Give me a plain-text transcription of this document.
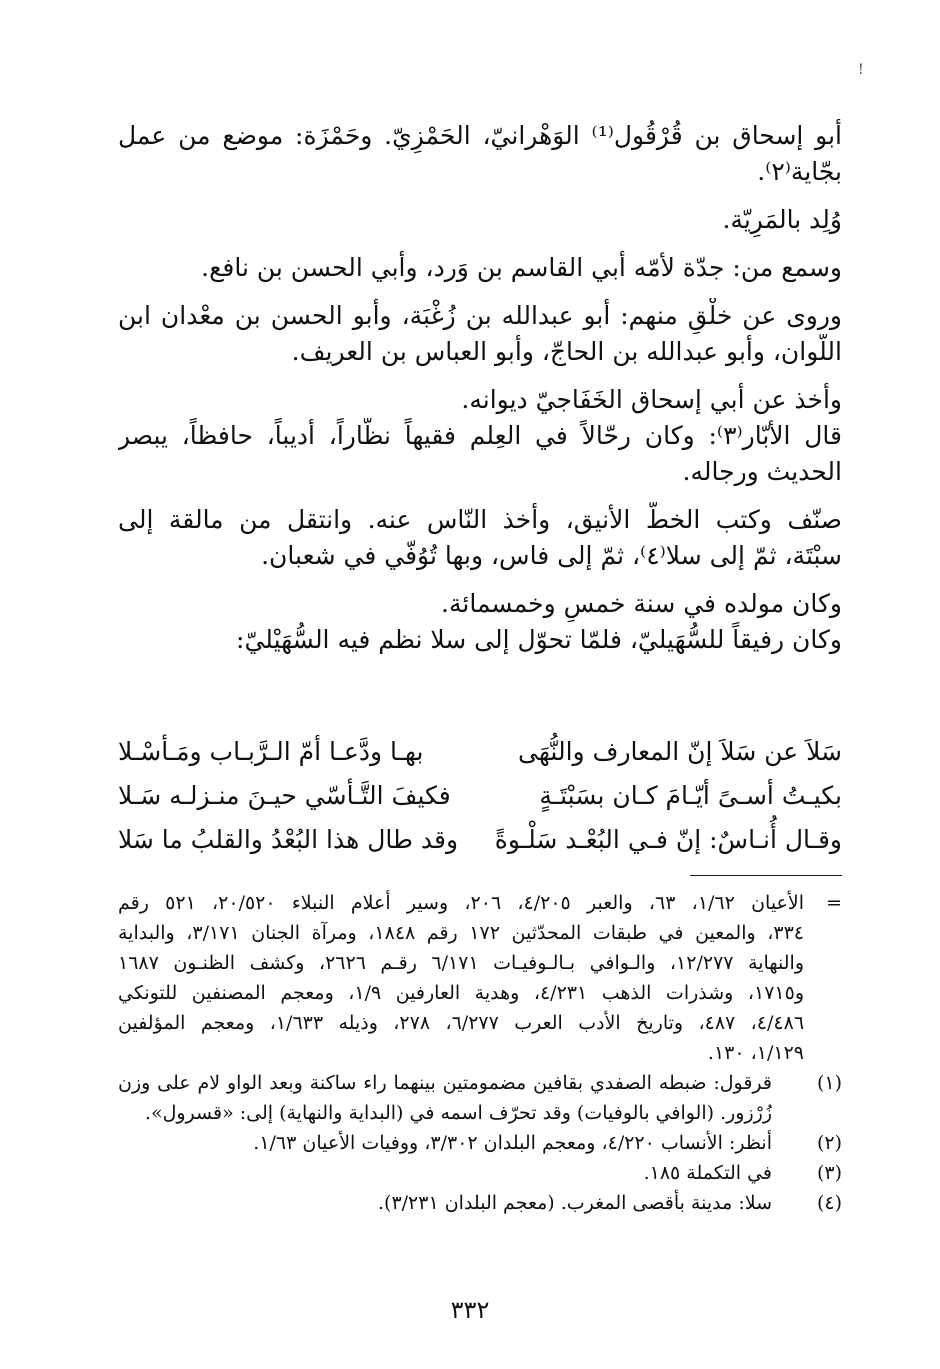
!

أبو إسحاق بن قُرْقُول⁽¹⁾ الوَهْرانيّ، الحَمْزِيّ. وحَمْزَة: موضع من عمل

بجّاية⁽٢⁾.

وُلِد بالمَرِيّة.

وسمع من: جدّة لأمّه أبي القاسم بن وَرد، وأبي الحسن بن نافع.

وروى عن خلْقٍ منهم: أبو عبدالله بن زُغْبَة، وأبو الحسن بن معْدان ابن

اللّوان، وأبو عبدالله بن الحاجّ، وأبو العباس بن العريف.

وأخذ عن أبي إسحاق الخَفَاجيّ ديوانه.

قال الأبّار⁽٣⁾: وكان رحّالاً في العِلم فقيهاً نظّاراً، أديباً، حافظاً، يبصر

الحديث ورجاله.

صنّف وكتب الخطّ الأنيق، وأخذ النّاس عنه. وانتقل من مالقة إلى

سبْتَة، ثمّ إلى سلا⁽٤⁾، ثمّ إلى فاس، وبها تُوُفّي في شعبان.

وكان مولده في سنة خمسٍ وخمسمائة.

وكان رفيقاً للسُّهَيليّ، فلمّا تحوّل إلى سلا نظم فيه السُّهَيْليّ:

سَلاَ عن سَلاَ إنّ المعارف والنُّهَى
بهـا ودَّعـا أمّ الـرَّبـاب ومَـأسْـلا
بكيـتُ أسـىً أيّـامَ كـان بسَبْتَـةٍ
فكيفَ التَّـأسّي حيـنَ منـزلـه سَـلا
وقـال أُنـاسٌ: إنّ فـي البُعْـد سَلْـوةً
وقد طال هذا البُعْدُ والقلبُ ما سَلا
=
الأعيان ١/٦٢، ٦٣، والعبر ٤/٢٠٥، ٢٠٦، وسير أعلام النبلاء ٢٠/٥٢٠، ٥٢١ رقم
٣٣٤، والمعين في طبقات المحدّثين ١٧٢ رقم ١٨٤٨، ومرآة الجنان ٣/١٧١، والبداية
والنهاية ١٢/٢٧٧، والـوافي بـالـوفيـات ٦/١٧١ رقـم ٢٦٢٦، وكشف الظنـون ١٦٨٧
و١٧١٥، وشذرات الذهب ٤/٢٣١، وهدية العارفين ١/٩، ومعجم المصنفين للتونكي
٤/٤٨٦، ٤٨٧، وتاريخ الأدب العرب ٦/٢٧٧، ٢٧٨، وذيله ١/٦٣٣، ومعجم المؤلفين
١/١٢٩، ١٣٠.
(١)
قرقول: ضبطه الصفدي بقافين مضمومتين بينهما راء ساكنة وبعد الواو لام على وزن
زُرْزور. (الوافي بالوفيات) وقد تحرّف اسمه في (البداية والنهاية) إلى: «قسرول».
(٢)
أنظر: الأنساب ٤/٢٢٠، ومعجم البلدان ٣/٣٠٢، ووفيات الأعيان ١/٦٣.
(٣)
في التكملة ١٨٥.
(٤)
سلا: مدينة بأقصى المغرب. (معجم البلدان ٣/٢٣١).
٣٣٢
